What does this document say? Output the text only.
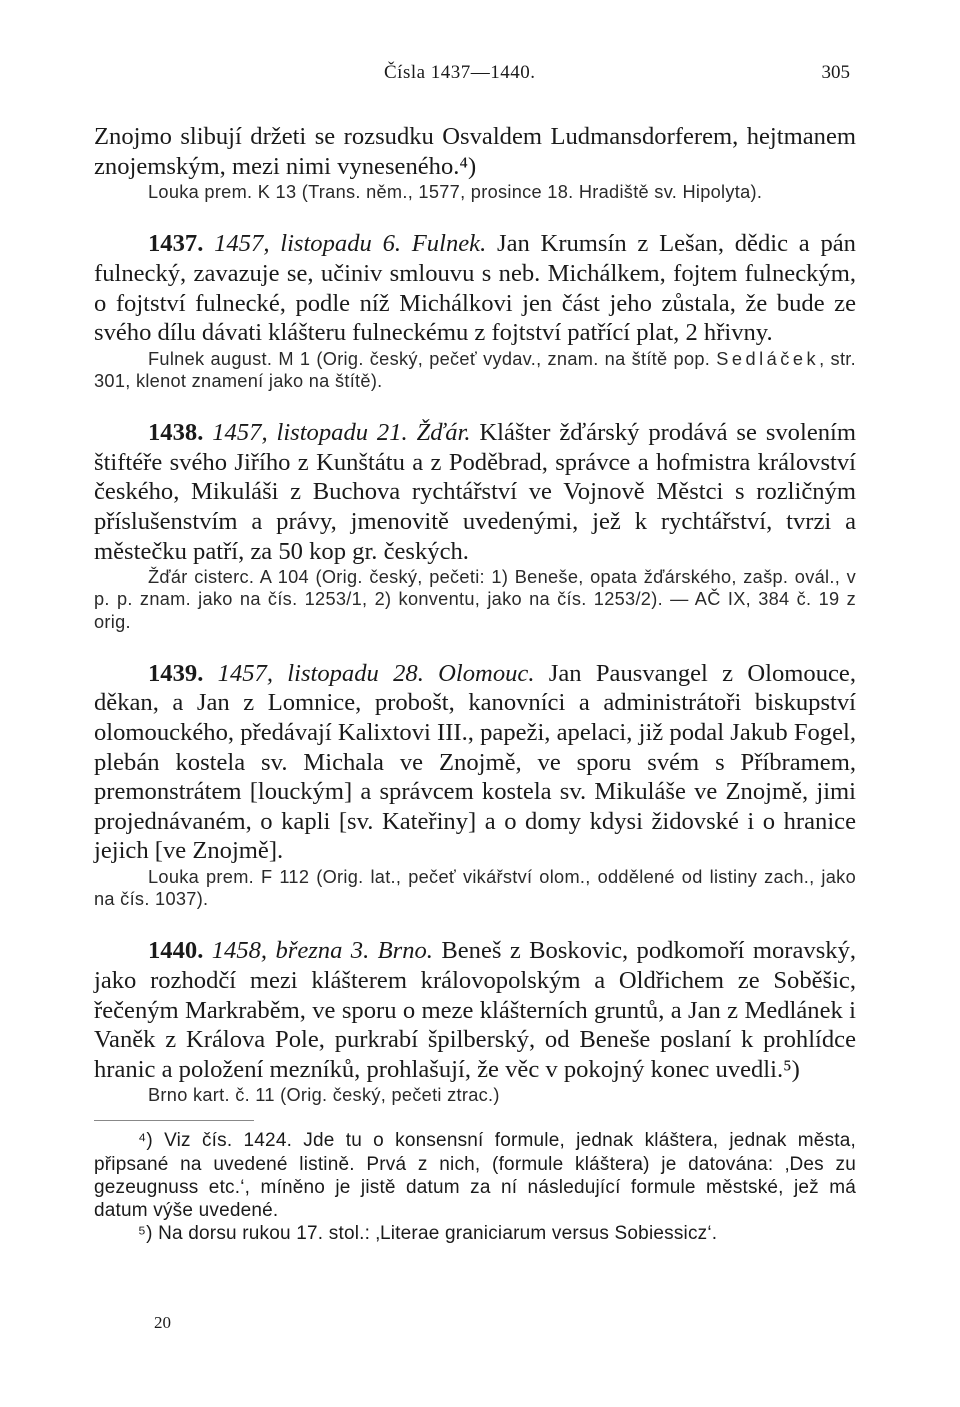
Čísla 1437—1440.	305

Znojmo slibují držeti se rozsudku Osvaldem Ludmansdorferem, hejtmanem znojemským, mezi nimi vyneseného.⁴)

Louka prem. K 13 (Trans. něm., 1577, prosince 18. Hradiště sv. Hipolyta).

1437. 1457, listopadu 6. Fulnek. Jan Krumsín z Lešan, dědic a pán fulnecký, zavazuje se, učiniv smlouvu s neb. Michálkem, fojtem fulneckým, o fojtství fulnecké, podle níž Michálkovi jen část jeho zůstala, že bude ze svého dílu dávati klášteru fulneckému z fojtství patřící plat, 2 hřivny.

Fulnek august. M 1 (Orig. český, pečeť vydav., znam. na štítě pop. Sedláček, str. 301, klenot znamení jako na štítě).

1438. 1457, listopadu 21. Žďár. Klášter žďárský prodává se svolením štiftéře svého Jiřího z Kunštátu a z Poděbrad, správce a hofmistra království českého, Mikuláši z Buchova rychtářství ve Vojnově Městci s rozličným příslušenstvím a právy, jmenovitě uvedenými, jež k rychtářství, tvrzi a městečku patří, za 50 kop gr. českých.

Žďár cisterc. A 104 (Orig. český, pečeti: 1) Beneše, opata žďárského, zašp. ovál., v p. p. znam. jako na čís. 1253/1, 2) konventu, jako na čís. 1253/2). — AČ IX, 384 č. 19 z orig.

1439. 1457, listopadu 28. Olomouc. Jan Pausvangel z Olomouce, děkan, a Jan z Lomnice, probošt, kanovníci a administrátoři biskupství olomouckého, předávají Kalixtovi III., papeži, apelaci, již podal Jakub Fogel, plebán kostela sv. Michala ve Znojmě, ve sporu svém s Příbramem, premonstrátem [louckým] a správcem kostela sv. Mikuláše ve Znojmě, jimi projednávaném, o kapli [sv. Kateřiny] a o domy kdysi židovské i o hranice jejich [ve Znojmě].

Louka prem. F 112 (Orig. lat., pečeť vikářství olom., oddělené od listiny zach., jako na čís. 1037).

1440. 1458, března 3. Brno. Beneš z Boskovic, podkomoří moravský, jako rozhodčí mezi klášterem královopolským a Oldřichem ze Soběšic, řečeným Markraběm, ve sporu o meze klášterních gruntů, a Jan z Medlánek i Vaněk z Králova Pole, purkrabí špilberský, od Beneše poslaní k prohlídce hranic a položení mezníků, prohlašují, že věc v pokojný konec uvedli.⁵)

Brno kart. č. 11 (Orig. český, pečeti ztrac.)

⁴) Viz čís. 1424. Jde tu o konsensní formule, jednak kláštera, jednak města, připsané na uvedené listině. Prvá z nich, (formule kláštera) je datována: ‚Des zu gezeugnuss etc.‘, míněno je jistě datum za ní následující formule městské, jež má datum výše uvedené.

⁵) Na dorsu rukou 17. stol.: ‚Literae graniciarum versus Sobiessicz‘.

20
